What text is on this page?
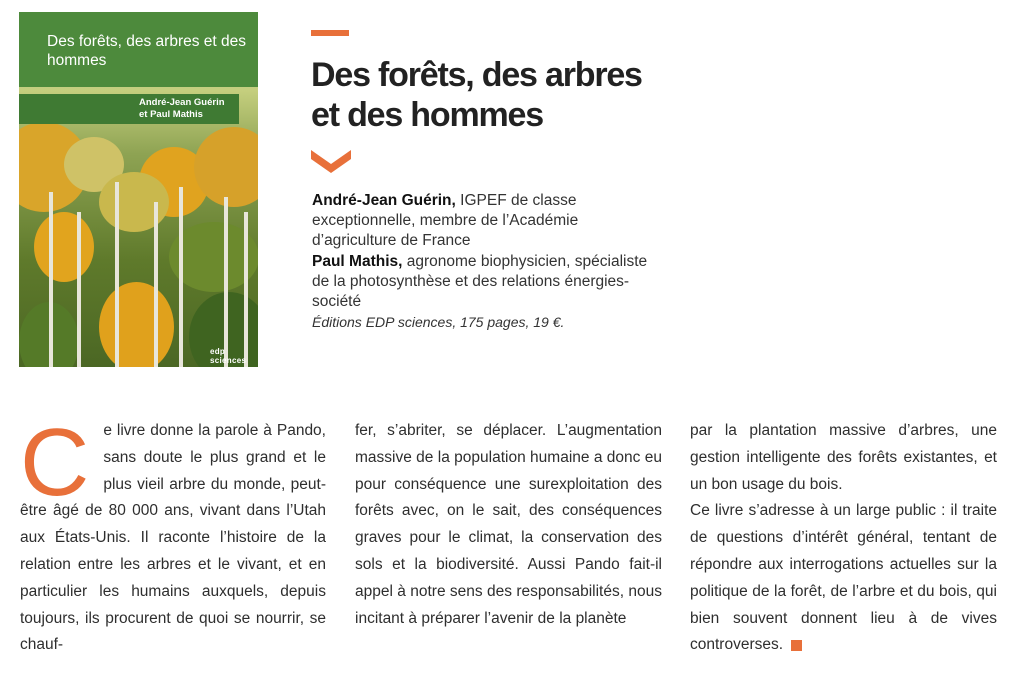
Des forêts, des arbres et des hommes
André-Jean Guérin
et Paul Mathis
edp sciences
Des forêts, des arbres
et des hommes

André-Jean Guérin, IGPEF de classe exceptionnelle, membre de l’Académie d’agriculture de France

Paul Mathis, agronome biophysicien, spécialiste de la photosynthèse et des relations énergies-société

Éditions EDP sciences, 175 pages, 19 €.

C e livre donne la parole à Pando, sans doute le plus grand et le plus vieil arbre du monde, peut-être âgé de 80 000 ans, vivant dans l’Utah aux États-Unis. Il raconte l’histoire de la relation entre les arbres et le vivant, et en particulier les humains auxquels, depuis toujours, ils procurent de quoi se nourrir, se chauf-

fer, s’abriter, se déplacer. L’augmentation massive de la population humaine a donc eu pour conséquence une surexploitation des forêts avec, on le sait, des conséquences graves pour le climat, la conservation des sols et la biodiversité. Aussi Pando fait-il appel à notre sens des responsabilités, nous incitant à préparer l’avenir de la planète

par la plantation massive d’arbres, une gestion intelligente des forêts existantes, et un bon usage du bois.

Ce livre s’adresse à un large public : il traite de questions d’intérêt général, tentant de répondre aux interrogations actuelles sur la politique de la forêt, de l’arbre et du bois, qui bien souvent donnent lieu à de vives controverses.
